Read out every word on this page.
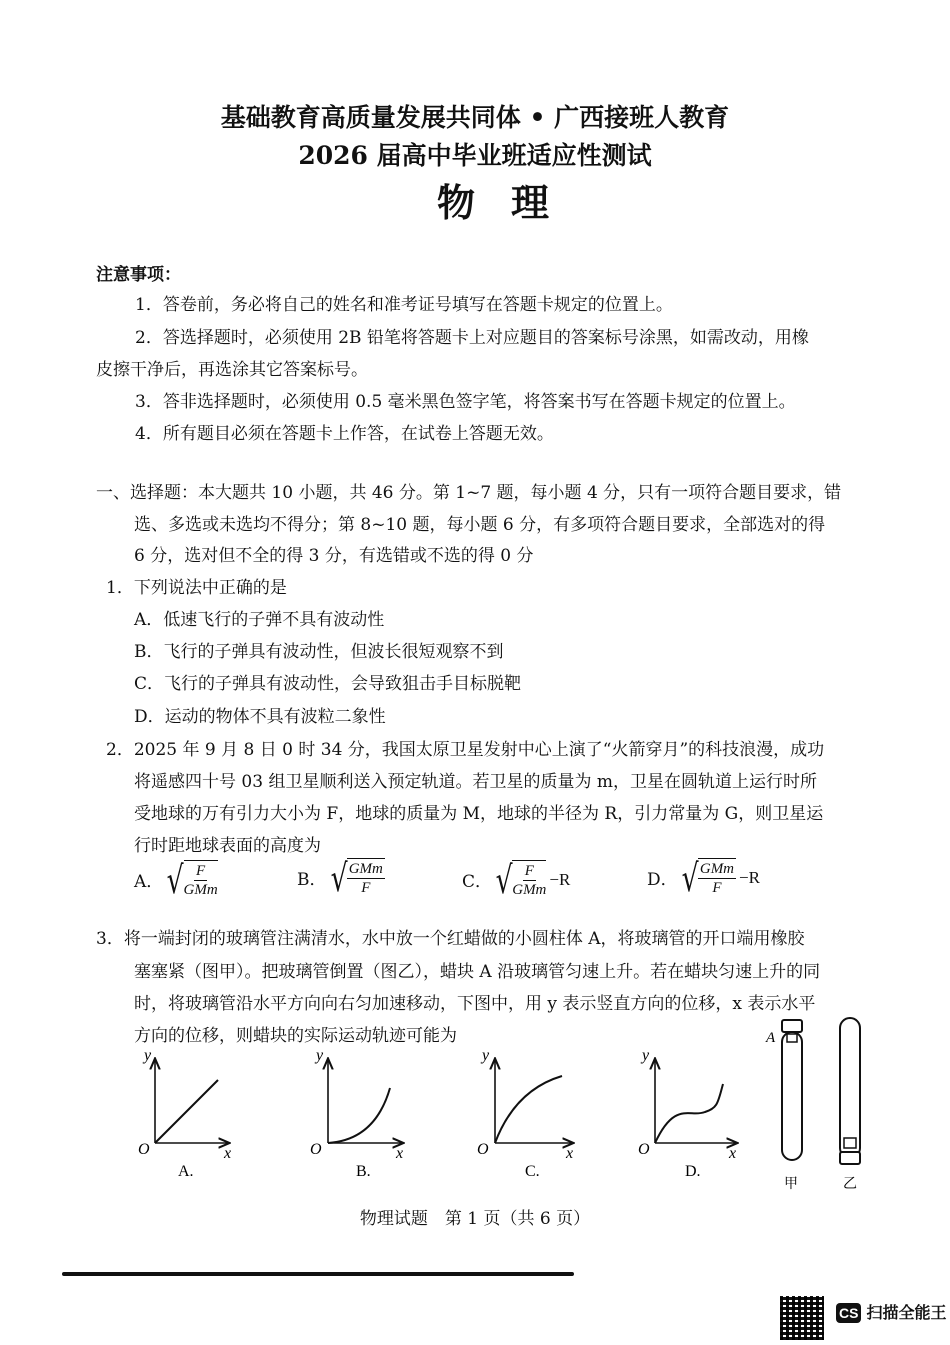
基础教育高质量发展共同体 • 广西接班人教育
2026 届高中毕业班适应性测试
物理
注意事项：
1．答卷前，务必将自己的姓名和准考证号填写在答题卡规定的位置上。
2．答选择题时，必须使用 2B 铅笔将答题卡上对应题目的答案标号涂黑，如需改动，用橡
皮擦干净后，再选涂其它答案标号。
3．答非选择题时，必须使用 0.5 毫米黑色签字笔，将答案书写在答题卡规定的位置上。
4．所有题目必须在答题卡上作答，在试卷上答题无效。
一、选择题：本大题共 10 小题，共 46 分。第 1~7 题，每小题 4 分，只有一项符合题目要求，错
选、多选或未选均不得分；第 8~10 题，每小题 6 分，有多项符合题目要求，全部选对的得
6 分，选对但不全的得 3 分，有选错或不选的得 0 分
1．下列说法中正确的是
A．低速飞行的子弹不具有波动性
B．飞行的子弹具有波动性，但波长很短观察不到
C．飞行的子弹具有波动性，会导致狙击手目标脱靶
D．运动的物体不具有波粒二象性
2．2025 年 9 月 8 日 0 时 34 分，我国太原卫星发射中心上演了“火箭穿月”的科技浪漫，成功
将遥感四十号 03 组卫星顺利送入预定轨道。若卫星的质量为 m，卫星在圆轨道上运行时所
受地球的万有引力大小为 F，地球的质量为 M，地球的半径为 R，引力常量为 G，则卫星运
行时距地球表面的高度为
A． √ $\frac{F}{\text{GMm}}$	B． √ $\frac{\text{GMm}}{F}$	C． √ $\frac{F}{\text{GMm}} -R$	D． √ $\frac{\text{GMm}}{F} -R$
3．将一端封闭的玻璃管注满清水，水中放一个红蜡做的小圆柱体 A，将玻璃管的开口端用橡胶
塞塞紧（图甲）。把玻璃管倒置（图乙），蜡块 A 沿玻璃管匀速上升。若在蜡块匀速上升的同
时，将玻璃管沿水平方向向右匀加速移动，下图中，用 y 表示竖直方向的位移，x 表示水平
方向的位移，则蜡块的实际运动轨迹可能为
y
x
O
A.
y
x
O
B.
y
x
O
C.
y
x
O
D.
A
甲	乙
物理试题　第 1 页（共 6 页）
CS 扫描全能王
